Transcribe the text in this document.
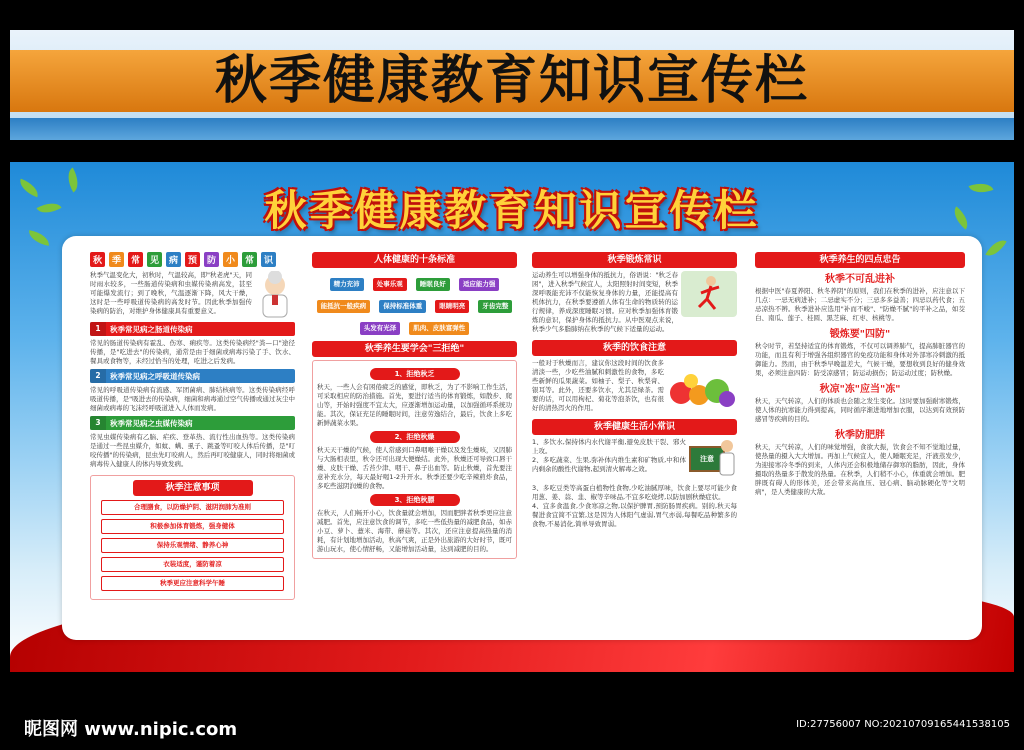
秋季健康教育知识宣传栏
秋季健康教育知识宣传栏
秋	季	常	见	病	预	防	小	常	识
秋季气温变化大，初秋时，气温较高，即"秋老虎"天，同时雨水较多，一些肠道传染病和虫媒传染病高发，甚至可能爆发流行；到了晚秋，气温逐渐下降，风大干燥，这时是一些呼吸道传染病的高发时节。因此秋季加强传染病的防治，对维护身体健康具有重要意义。
1	秋季常见病之肠道传染病
常见的肠道传染病有霍乱、伤寒、痢疾等。这类传染病经"粪—口"途径传播，是"吃进去"的传染病，通常是由于细菌或病毒污染了手、饮水、餐具或食物等，未经过恰当的处理，吃进之后发病。
2	秋季常见病之呼吸道传染病
常见的呼吸道传染病有流感、军团菌病、肺结核病等。这类传染病经呼吸道传播，是"吸进去的传染病，细菌和病毒通过空气传播或通过灰尘中细菌或病毒的飞沫经呼吸道进入人体而发病。
3	秋季常见病之虫媒传染病
常见虫媒传染病有乙脑、疟疾、登革热、流行性出血热等。这类传染病是通过一些昆虫媒介，如蚊、螨、虱子、跳蚤等叮咬人体后传播，是"叮咬传播"的传染病，昆虫先叮咬病人，然后再叮咬健康人，同时将细菌或病毒传入健康人的体内导致发病。
秋季注意事项
合理膳食，以防燥护阴、滋阴润肺为准则
积极参加体育锻炼，强身健体
保持乐观情绪、静养心神
衣装适度，谨防着凉
秋季更应注意科学午睡
人体健康的十条标准
精力充沛	处事乐观	睡眠良好	适应能力强 能抵抗一般疾病	保持标准体重	眼睛明亮	牙齿完整 头发有光泽	肌肉、皮肤富弹性
秋季养生要学会"三拒绝"
1、拒绝秋乏
秋天，一些人会有困倦疲乏的感觉，即秋乏，为了不影响工作生活，可采取相应的防治措施。首先，要进行适当的体育锻炼，如散步、爬山等，开始时强度不宜太大，应逐渐增加运动量，以加强循环系统功能。其次，保证充足的睡眠时间，注意劳逸结合，最后，饮食上多吃新鲜蔬菜水果。
2、拒绝秋燥
秋天天干燥的气候，使人常感到口鼻咽喉干燥以及发生燥咳，又因肺与大肠相表里，秋令还可出现大便燥结。此外，秋燥还可导致口唇干燥、皮肤干燥、舌苔少津、咽干、鼻子出血等。防止秋燥，首先要注意补充水分，每天最好喝1-2升开水。秋季还要少吃辛辣煎炸食品，多吃些滋阴润燥的食物。
3、拒绝秋膘
在秋天，人们畅开小心，饮食量就会增加，因而肥胖者秋季更应注意减肥。首先，应注意饮食的调节，多吃一些低热量的减肥食品，如赤小豆、萝卜、薏米、海带、蘑菇等。其次，还应注意提高热量的消耗，有计划地增加活动，秋高气爽，正是外出旅游的大好时节，既可游山玩水，使心情舒畅，又能增加活动量，达到减肥的目的。
秋季锻炼常识
运动养生可以增强身体的抵抗力，俗语说："秋乏春困"，进入秋季气候宜人，太阳照射时间变短，秋季深呼吸能充沛不仅能恢复身体的力量，还能提高有机体抗力，在秋季要遵循人体有生命的物质转的运行规律，养成深度睡眠习惯。应对秋季加强体育锻炼的意识，保护身体的抵抗力。从中医观点来说，秋季少气多脂肺纳在秋季的气候下适量的运动。
秋季的饮食注意
一般对于秋燥而言，建议你这段时间的饮食多清淡一些，少吃些油腻和刺激性的食物，多吃些新鲜的瓜果蔬菜。如柚子、梨子、秋梨膏、银耳等。此外，还要多饮水，尤其是绿茶。需要的话，可以用枸杞、菊花等泡茶饮，也有很好的清热泻火的作用。
秋季健康生活小常识
1、多饮水,保持体内水代谢平衡,避免皮肤干裂、邪火上攻。
2、多吃蔬菜、生果,弥补体内维生素和矿物质,中和体内剩余的酸性代谢物,起到清火解毒之效。
注意
3、多吃豆类等高蛋白植物性食物,少吃油腻厚味，饮食上要尽可能少食用葱、姜、蒜、韭、椒等辛味品,不宜多吃烧烤,以防加剧秋燥症状。
4、宜多食温食,少食寒凉之物,以保护脾胃,预防肠胃疾病。别的,秋天每餐进食宜简不宜繁,这是因为人体阳气虚弱,胃气亦弱,每餐吃品种繁多的食物,不易消化,简单导致胃弱。
秋季养生的四点忠告
秋季不可乱进补
根据中医"春夏养阳、秋冬养阴"的原则，我们在秋季的进补，应注意以下几点：一忌无病进补；二忌虚实不分；三忌多多益善；四忌以药代食；五忌凉热不辨。秋季进补应选用"补而不峻"、"防燥不腻"的平补之品，如茭白、南瓜、莲子、桂圆、黑芝麻、红枣、核桃等。
锻炼要"四防"
秋令时节，若坚持适宜的体育锻炼，不仅可以调养肺气，提高肺脏器官的功能，而且有利于增强各组织器官的免疫功能和身体对外部寒冷刺激的抵御能力。然而，由于秋季早晚温差大，气候干燥，要想收到良好的健身效果，必须注意四防：防受凉感冒；防运动损伤；防运动过度；防秋燥。
秋凉"冻"应当"冻"
秋天，天气转凉，人们的体质也会随之发生变化。这时要加强耐寒锻炼，使人体的抗寒能力得到提高，同时循序渐进地增加衣服，以达到有效预防感冒等疾病的目的。
秋季防肥胖
秋天，天气转凉，人们的味觉增强，食欲大振，饮食会不知不觉地过量，使热量的摄入大大增加。再加上气候宜人，使人睡眠充足，汗液蒸发少，为迎接寒冷冬季的到来，人体内还会积极地储存御寒的脂肪，因此，身体摄取的热量多于散发的热量。在秋季，人们稍不小心，体重就会增加。肥胖既有碍人的形体美，还会带来高血压、冠心病、脑动脉硬化等"文明病"，是人类健康的大敌。
昵图网 www.nipic.com	ID:27756007 NO:20210709165441538105
